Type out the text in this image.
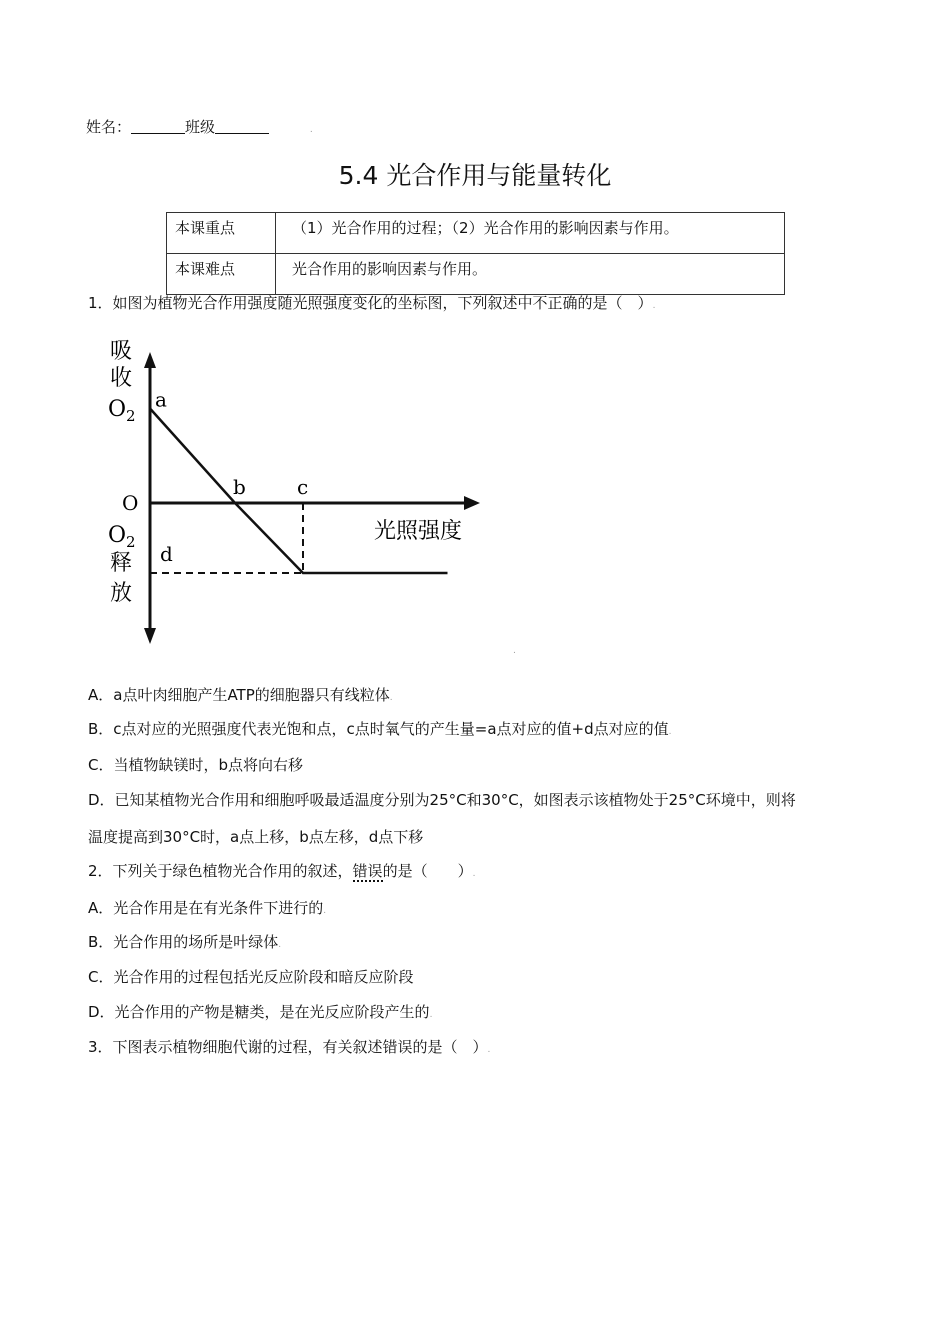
姓名：	班级	.
5.4 光合作用与能量转化
本课重点	（1）光合作用的过程；（2）光合作用的影响因素与作用。
本课难点	光合作用的影响因素与作用。
1．如图为植物光合作用强度随光照强度变化的坐标图，下列叙述中不正确的是（　）.
吸
收
$O_2$
O
$O_2$
释
放
光照强度
a
b	c
d
.
A．a点叶肉细胞产生ATP的细胞器只有线粒体.
B．c点对应的光照强度代表光饱和点，c点时氧气的产生量=a点对应的值+d点对应的值.
C．当植物缺镁时，b点将向右移
D．已知某植物光合作用和细胞呼吸最适温度分别为25°C和30°C，如图表示该植物处于25°C环境中，则将
温度提高到30°C时，a点上移，b点左移，d点下移
2．下列关于绿色植物光合作用的叙述，错误的是（　　）.
A．光合作用是在有光条件下进行的.
B．光合作用的场所是叶绿体.
C．光合作用的过程包括光反应阶段和暗反应阶段
D．光合作用的产物是糖类，是在光反应阶段产生的.
3．下图表示植物细胞代谢的过程，有关叙述错误的是（　）.
